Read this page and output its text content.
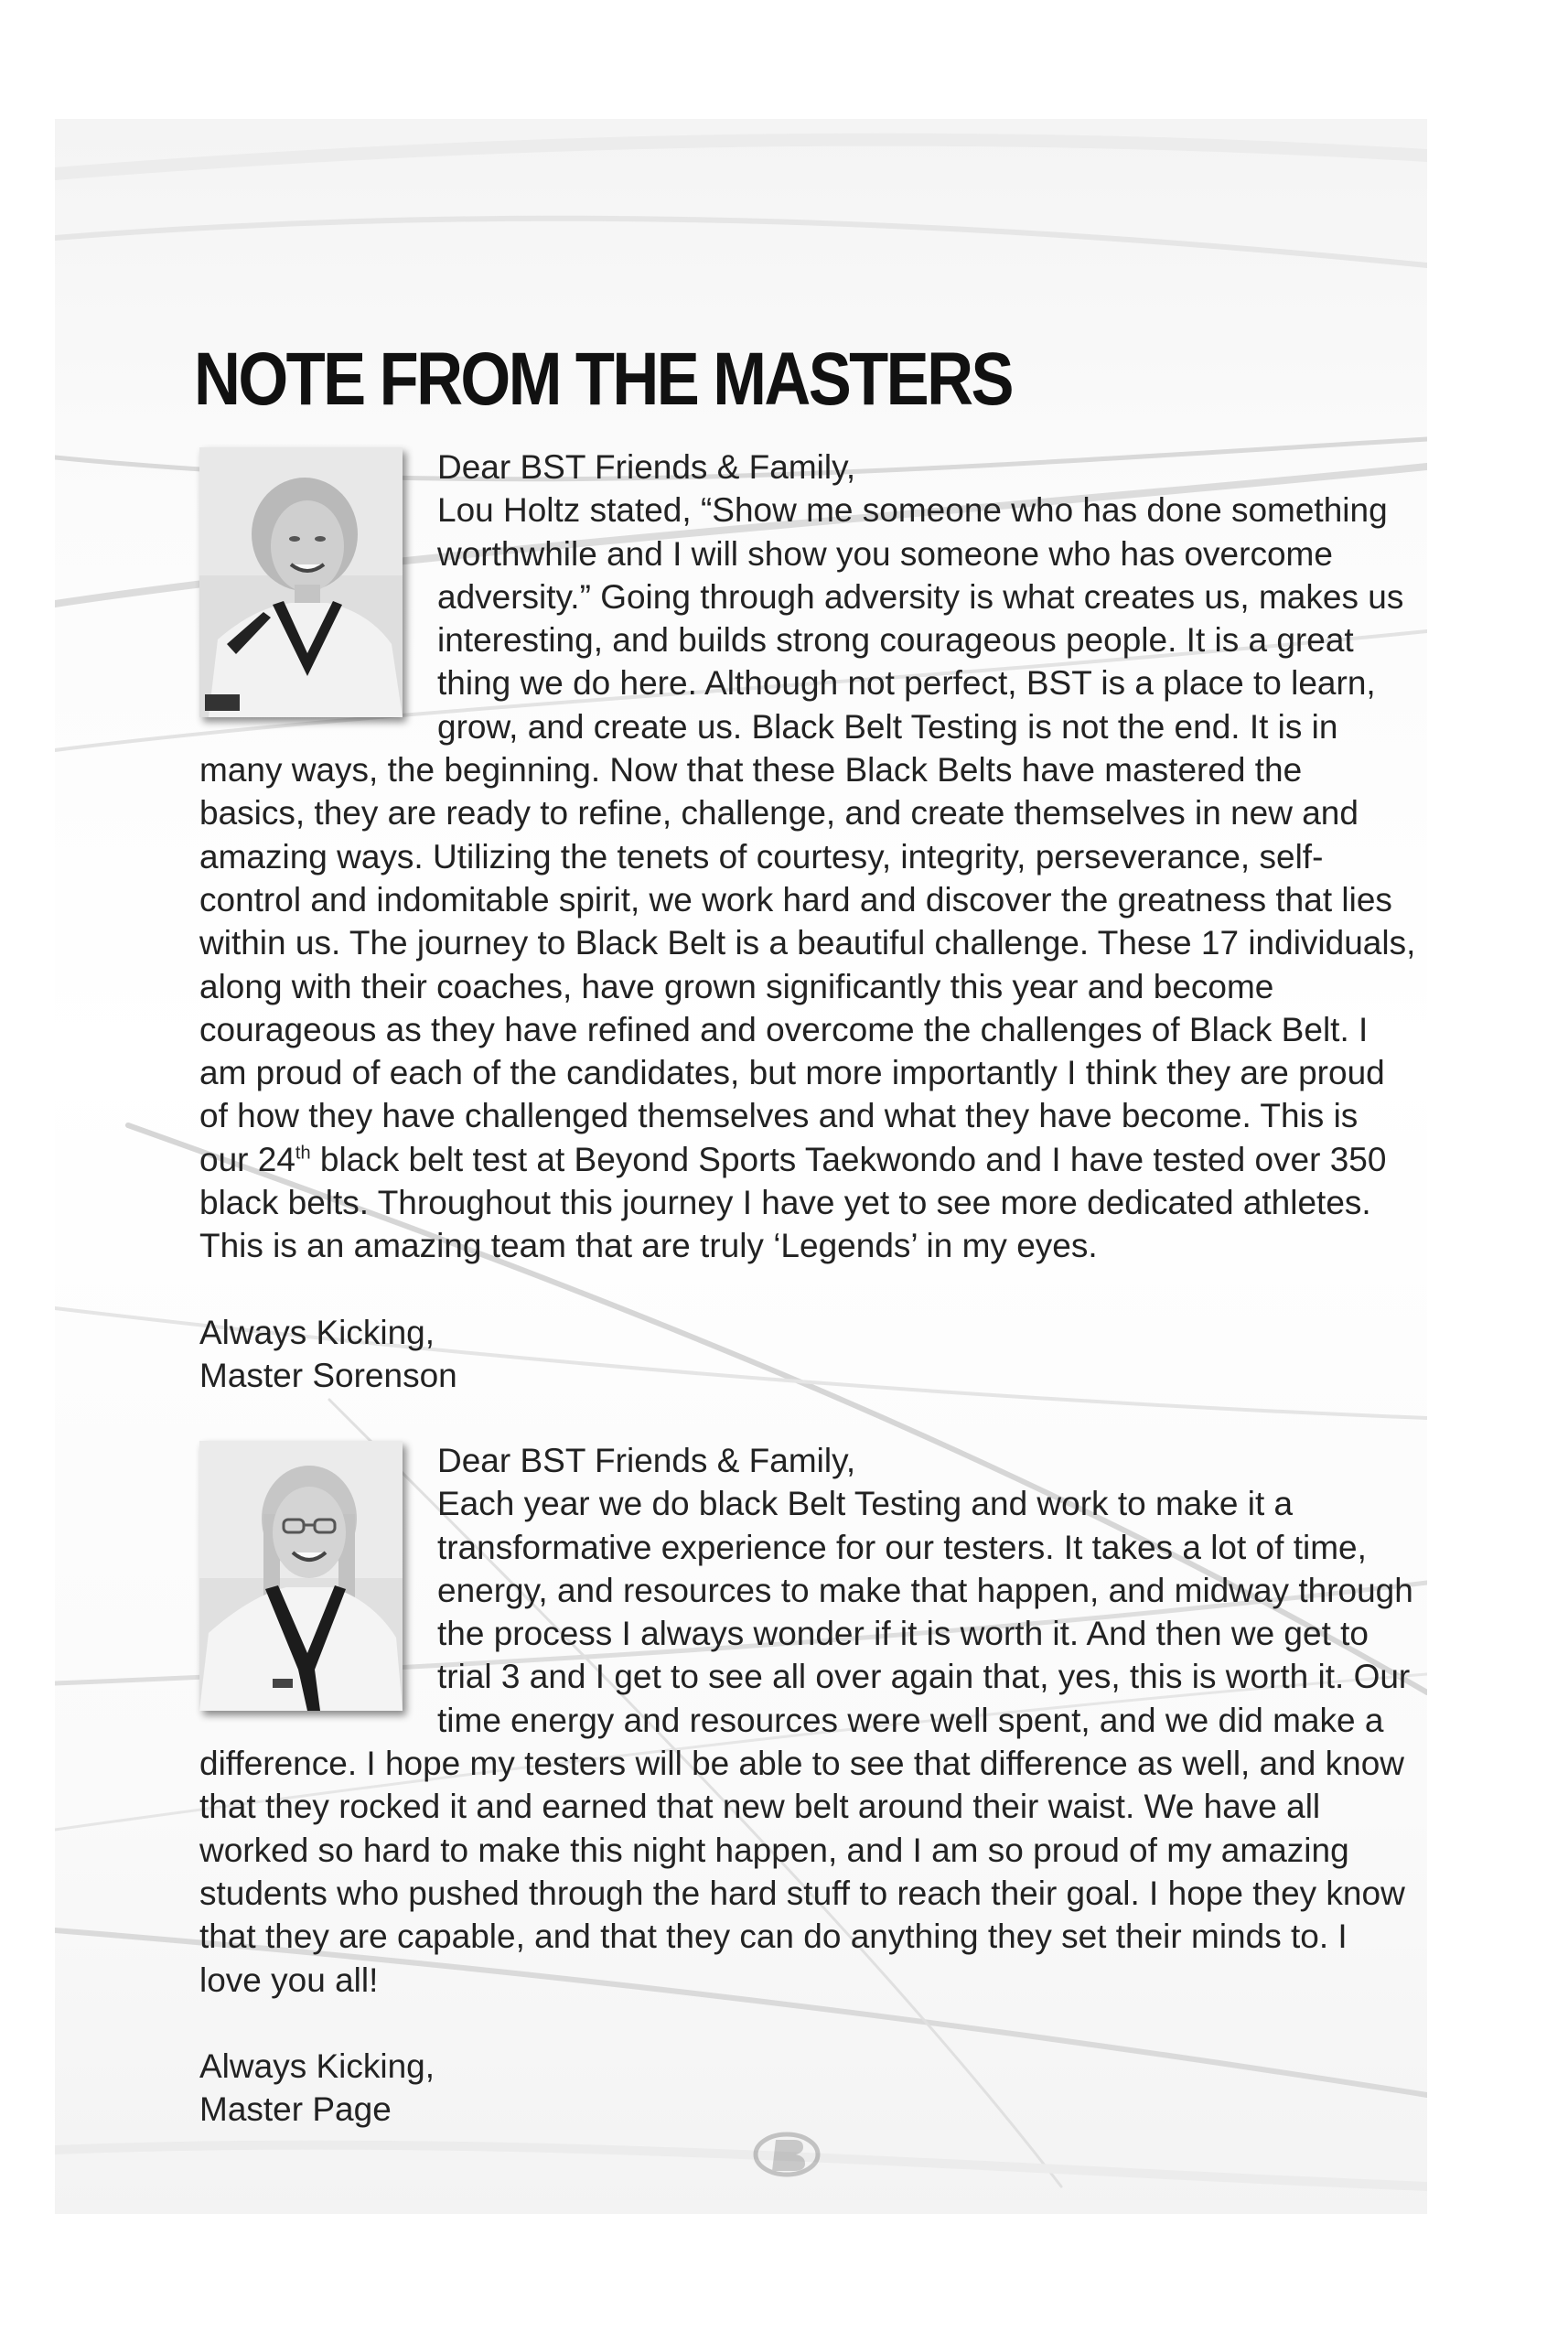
NOTE FROM THE MASTERS

Dear BST Friends & Family,

Lou Holtz stated, “Show me someone who has done something worthwhile and I will show you someone who has overcome adversity.” Going through adversity is what creates us, makes us interesting, and builds strong courageous people. It is a great thing we do here. Although not perfect, BST is a place to learn, grow, and create us. Black Belt Testing is not the end. It is in many ways, the beginning. Now that these Black Belts have mastered the basics, they are ready to refine, challenge, and create themselves in new and amazing ways. Utilizing the tenets of courtesy, integrity, perseverance, self-control and indomitable spirit, we work hard and discover the greatness that lies within us. The journey to Black Belt is a beautiful challenge. These 17 individuals, along with their coaches, have grown significantly this year and become courageous as they have refined and overcome the challenges of Black Belt. I am proud of each of the candidates, but more importantly I think they are proud of how they have challenged themselves and what they have become. This is our 24th black belt test at Beyond Sports Taekwondo and I have tested over 350 black belts. Throughout this journey I have yet to see more dedicated athletes. This is an amazing team that are truly ‘Legends’ in my eyes.

Always Kicking,

Master Sorenson

Dear BST Friends & Family,

Each year we do black Belt Testing and work to make it a transformative experience for our testers. It takes a lot of time, energy, and resources to make that happen, and midway through the process I always wonder if it is worth it. And then we get to trial 3 and I get to see all over again that, yes, this is worth it. Our time energy and resources were well spent, and we did make a difference. I hope my testers will be able to see that difference as well, and know that they rocked it and earned that new belt around their waist. We have all worked so hard to make this night happen, and I am so proud of my amazing students who pushed through the hard stuff to reach their goal. I hope they know that they are capable, and that they can do anything they set their minds to. I love you all!

Always Kicking,

Master Page
